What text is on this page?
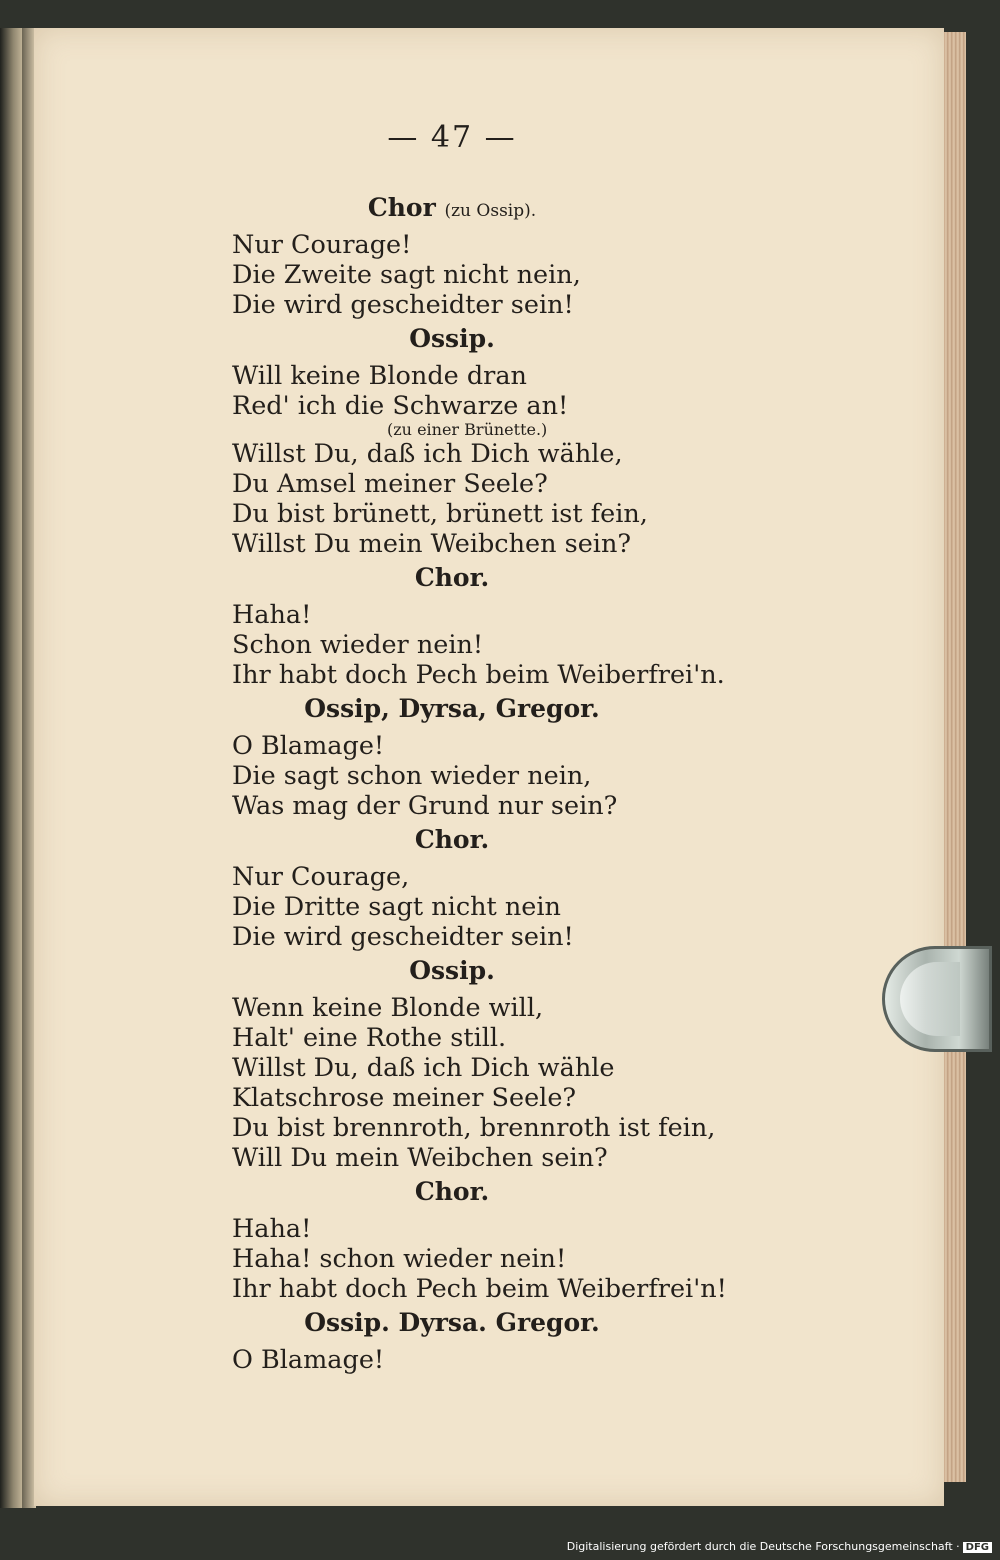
— 47 —
Chor (zu Ossip).
Nur Courage!
Die Zweite sagt nicht nein,
Die wird gescheidter sein!
Ossip.
Will keine Blonde dran
Red' ich die Schwarze an!
(zu einer Brünette.)
Willst Du, daß ich Dich wähle,
Du Amsel meiner Seele?
Du bist brünett, brünett ist fein,
Willst Du mein Weibchen sein?
Chor.
Haha!
Schon wieder nein!
Ihr habt doch Pech beim Weiberfrei'n.
Ossip, Dyrsa, Gregor.
O Blamage!
Die sagt schon wieder nein,
Was mag der Grund nur sein?
Chor.
Nur Courage,
Die Dritte sagt nicht nein
Die wird gescheidter sein!
Ossip.
Wenn keine Blonde will,
Halt' eine Rothe still.
Willst Du, daß ich Dich wähle
Klatschrose meiner Seele?
Du bist brennroth, brennroth ist fein,
Will Du mein Weibchen sein?
Chor.
Haha!
Haha! schon wieder nein!
Ihr habt doch Pech beim Weiberfrei'n!
Ossip. Dyrsa. Gregor.
O Blamage!
Digitalisierung gefördert durch die Deutsche Forschungsgemeinschaft · DFG
